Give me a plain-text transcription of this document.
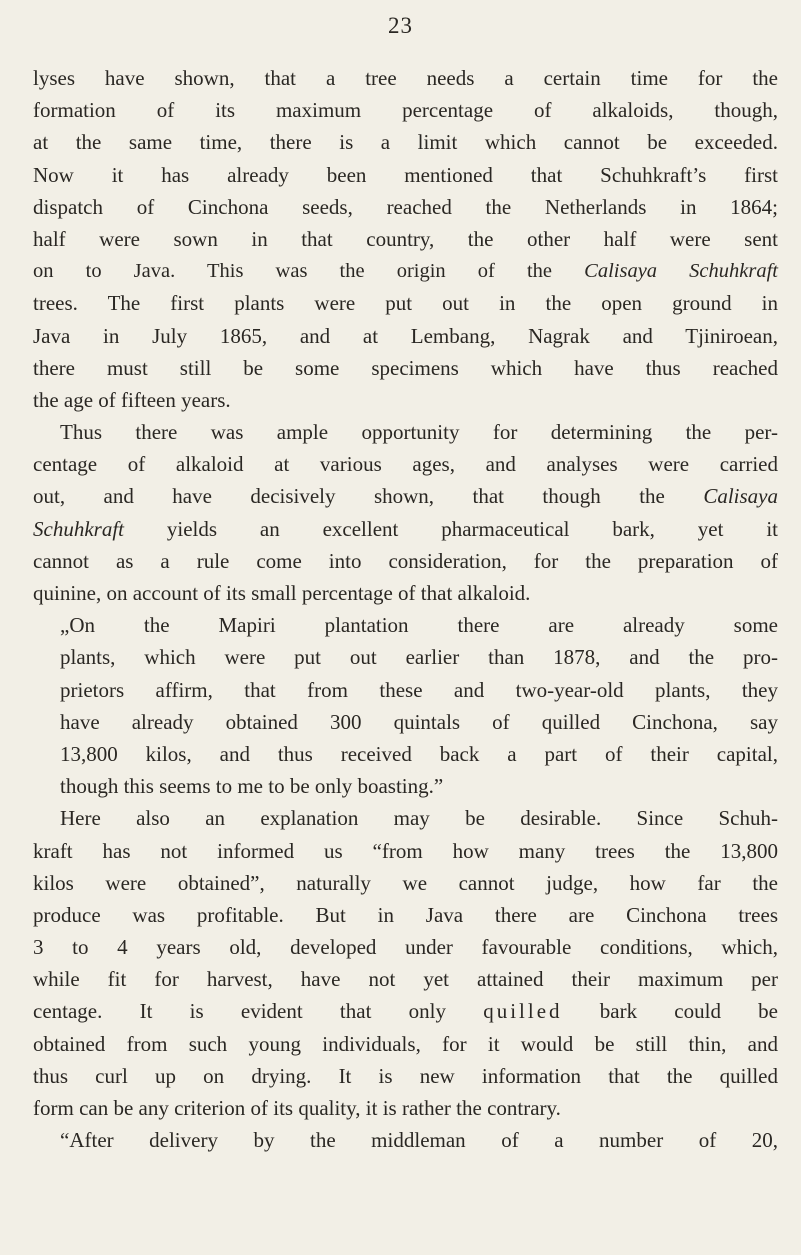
23
lyses have shown, that a tree needs a certain time for the
formation of its maximum percentage of alkaloids, though,
at the same time, there is a limit which cannot be exceeded.
Now it has already been mentioned that Schuhkraft’s first
dispatch of Cinchona seeds, reached the Netherlands in 1864;
half were sown in that country, the other half were sent
on to Java. This was the origin of the Calisaya Schuhkraft
trees. The first plants were put out in the open ground in
Java in July 1865, and at Lembang, Nagrak and Tjiniroean,
there must still be some specimens which have thus reached
the age of fifteen years.
Thus there was ample opportunity for determining the per-
centage of alkaloid at various ages, and analyses were carried
out, and have decisively shown, that though the Calisaya
Schuhkraft yields an excellent pharmaceutical bark, yet it
cannot as a rule come into consideration, for the preparation of
quinine, on account of its small percentage of that alkaloid.
„On the Mapiri plantation there are already some
plants, which were put out earlier than 1878, and the pro-
prietors affirm, that from these and two-year-old plants, they
have already obtained 300 quintals of quilled Cinchona, say
13,800 kilos, and thus received back a part of their capital,
though this seems to me to be only boasting.”
Here also an explanation may be desirable. Since Schuh-
kraft has not informed us “from how many trees the 13,800
kilos were obtained”, naturally we cannot judge, how far the
produce was profitable. But in Java there are Cinchona trees
3 to 4 years old, developed under favourable conditions, which,
while fit for harvest, have not yet attained their maximum per
centage. It is evident that only quilled bark could be
obtained from such young individuals, for it would be still thin, and
thus curl up on drying. It is new information that the quilled
form can be any criterion of its quality, it is rather the contrary.
“After delivery by the middleman of a number of 20,
